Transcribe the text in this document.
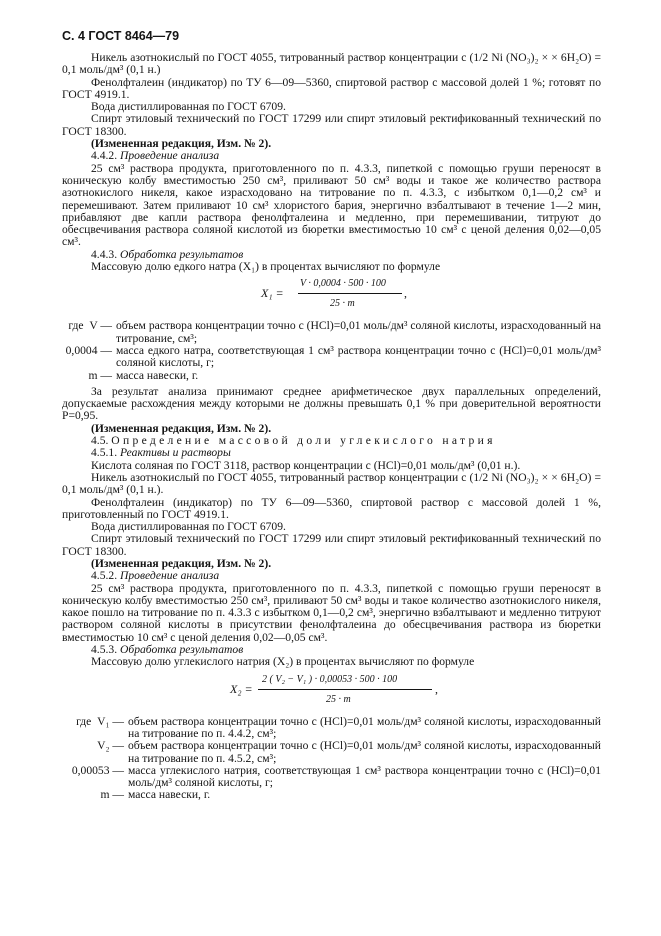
С. 4 ГОСТ 8464—79

Никель азотнокислый по ГОСТ 4055, титрованный раствор концентрации с (1/2 Ni (NO₃)₂ × × 6H₂O) = 0,1 моль/дм³ (0,1 н.)

Фенолфталеин (индикатор) по ТУ 6—09—5360, спиртовой раствор с массовой долей 1 %; готовят по ГОСТ 4919.1.

Вода дистиллированная по ГОСТ 6709.

Спирт этиловый технический по ГОСТ 17299 или спирт этиловый ректификованный технический по ГОСТ 18300.

(Измененная редакция, Изм. № 2).

4.4.2. Проведение анализа

25 см³ раствора продукта, приготовленного по п. 4.3.3, пипеткой с помощью груши переносят в коническую колбу вместимостью 250 см³, приливают 50 см³ воды и такое же количество раствора азотнокислого никеля, какое израсходовано на титрование по п. 4.3.3, с избытком 0,1—0,2 см³ и перемешивают. Затем приливают 10 см³ хлористого бария, энергично взбалтывают в течение 1—2 мин, прибавляют две капли раствора фенолфталеина и медленно, при перемешивании, титруют до обесцвечивания раствора соляной кислотой из бюретки вместимостью 10 см³ с ценой деления 0,02—0,05 см³.

4.4.3. Обработка результатов

Массовую долю едкого натра (X₁) в процентах вычисляют по формуле

X₁ =
V · 0,0004 · 500 · 100
25 · m
,
где  V — объем раствора концентрации точно с (HCl)=0,01 моль/дм³ соляной кислоты, израсходованный на титрование, см³;
0,0004 — масса едкого натра, соответствующая 1 см³ раствора концентрации точно с (HCl)=0,01 моль/дм³ соляной кислоты, г;
m — масса навески, г.

За результат анализа принимают среднее арифметическое двух параллельных определений, допускаемые расхождения между которыми не должны превышать 0,1 % при доверительной вероятности P=0,95.

(Измененная редакция, Изм. № 2).

4.5. Определение массовой доли углекислого натрия

4.5.1. Реактивы и растворы

Кислота соляная по ГОСТ 3118, раствор концентрации с (HCl)=0,01 моль/дм³ (0,01 н.).

Никель азотнокислый по ГОСТ 4055, титрованный раствор концентрации с (1/2 Ni (NO₃)₂ × × 6H₂O) = 0,1 моль/дм³ (0,1 н.).

Фенолфталеин (индикатор) по ТУ 6—09—5360, спиртовой раствор с массовой долей 1 %, приготовленный по ГОСТ 4919.1.

Вода дистиллированная по ГОСТ 6709.

Спирт этиловый технический по ГОСТ 17299 или спирт этиловый ректификованный технический по ГОСТ 18300.

(Измененная редакция, Изм. № 2).

4.5.2. Проведение анализа

25 см³ раствора продукта, приготовленного по п. 4.3.3, пипеткой с помощью груши переносят в коническую колбу вместимостью 250 см³, приливают 50 см³ воды и такое количество азотнокислого никеля, какое пошло на титрование по п. 4.3.3 с избытком 0,1—0,2 см³, энергично взбалтывают и медленно титруют раствором соляной кислоты в присутствии фенолфталеина до обесцвечивания раствора из бюретки вместимостью 10 см³ с ценой деления 0,02—0,05 см³.

4.5.3. Обработка результатов

Массовую долю углекислого натрия (X₂) в процентах вычисляют по формуле

X₂ =
2 ( V₂ − V₁ ) · 0,00053 · 500 · 100
25 · m
,
где  V₁ — объем раствора концентрации точно с (HCl)=0,01 моль/дм³ соляной кислоты, израсходованный на титрование по п. 4.4.2, см³;
V₂ — объем раствора концентрации точно с (HCl)=0,01 моль/дм³ соляной кислоты, израсходованный на титрование по п. 4.5.2, см³;
0,00053 — масса углекислого натрия, соответствующая 1 см³ раствора концентрации точно с (HCl)=0,01 моль/дм³ соляной кислоты, г;
m — масса навески, г.
